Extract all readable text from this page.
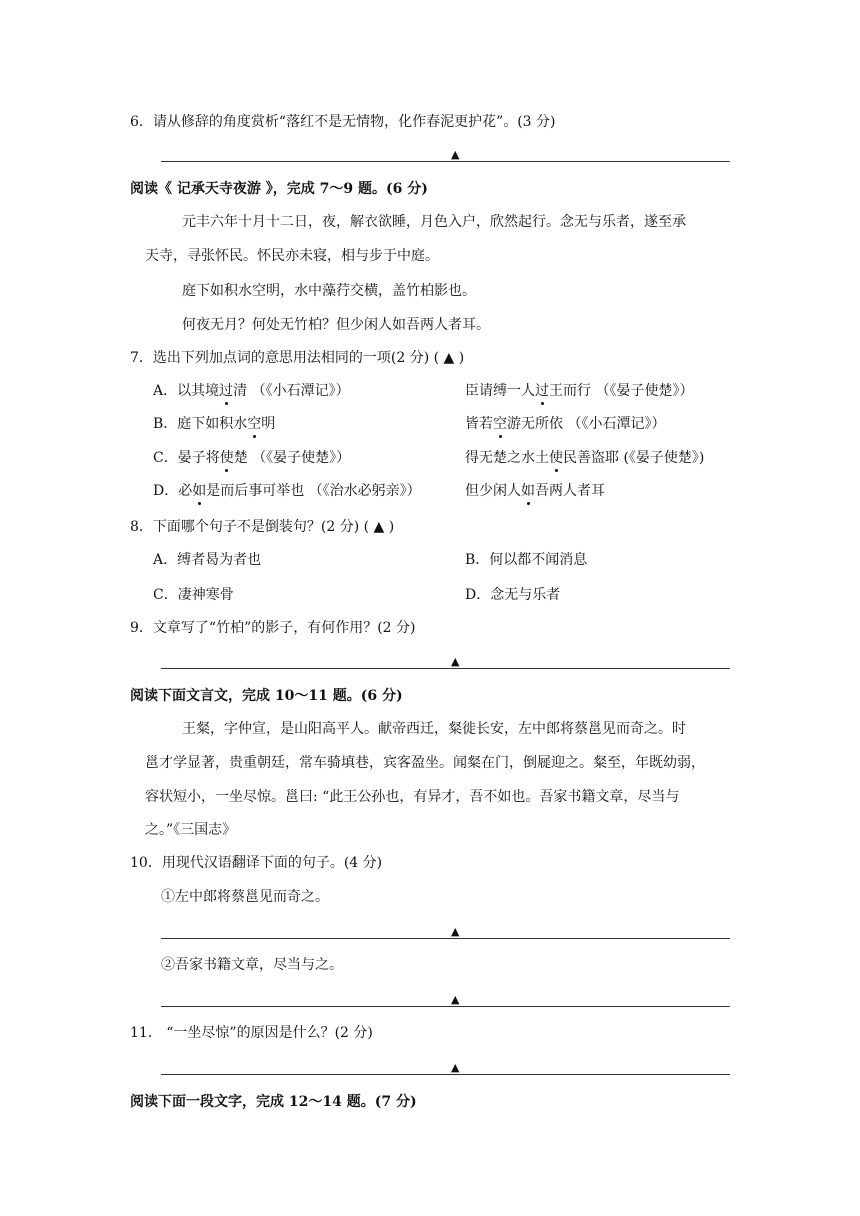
6．请从修辞的角度赏析“落红不是无情物，化作春泥更护花”。(3 分)
▲
阅读《 记承天寺夜游 》，完成 7～9 题。(6 分)
元丰六年十月十二日，夜，解衣欲睡，月色入户，欣然起行。念无与乐者，遂至承
天寺，寻张怀民。怀民亦未寝，相与步于中庭。
庭下如积水空明，水中藻荇交横，盖竹柏影也。
何夜无月？何处无竹柏？但少闲人如吾两人者耳。
7．选出下列加点词的意思用法相同的一项(2 分) ( ▲ )
A．以其境过清 （《小石潭记》）	臣请缚一人过王而行 （《晏子使楚》）
B．庭下如积水空明	皆若空游无所依 （《小石潭记》）
C．晏子将使楚 （《晏子使楚》）	得无楚之水土使民善盗耶 (《晏子使楚》)
D．必如是而后事可举也 （《治水必躬亲》）	但少闲人如吾两人者耳
8．下面哪个句子不是倒装句？(2 分) ( ▲ )
A．缚者曷为者也	B．何以都不闻消息
C．凄神寒骨	D．念无与乐者
9．文章写了“竹柏”的影子，有何作用？(2 分)
▲
阅读下面文言文，完成 10～11 题。(6 分)
王粲，字仲宣，是山阳高平人。献帝西迁，粲徙长安，左中郎将蔡邕见而奇之。时
邕才学显著，贵重朝廷，常车骑填巷，宾客盈坐。闻粲在门，倒屣迎之。粲至，年既幼弱，
容状短小，一坐尽惊。邕曰: “此王公孙也，有异才，吾不如也。吾家书籍文章，尽当与
之。”《三国志》
10．用现代汉语翻译下面的句子。(4 分)
①左中郎将蔡邕见而奇之。
▲
②吾家书籍文章，尽当与之。
▲
11． “一坐尽惊”的原因是什么？(2 分)
▲
阅读下面一段文字，完成 12～14 题。(7 分)
